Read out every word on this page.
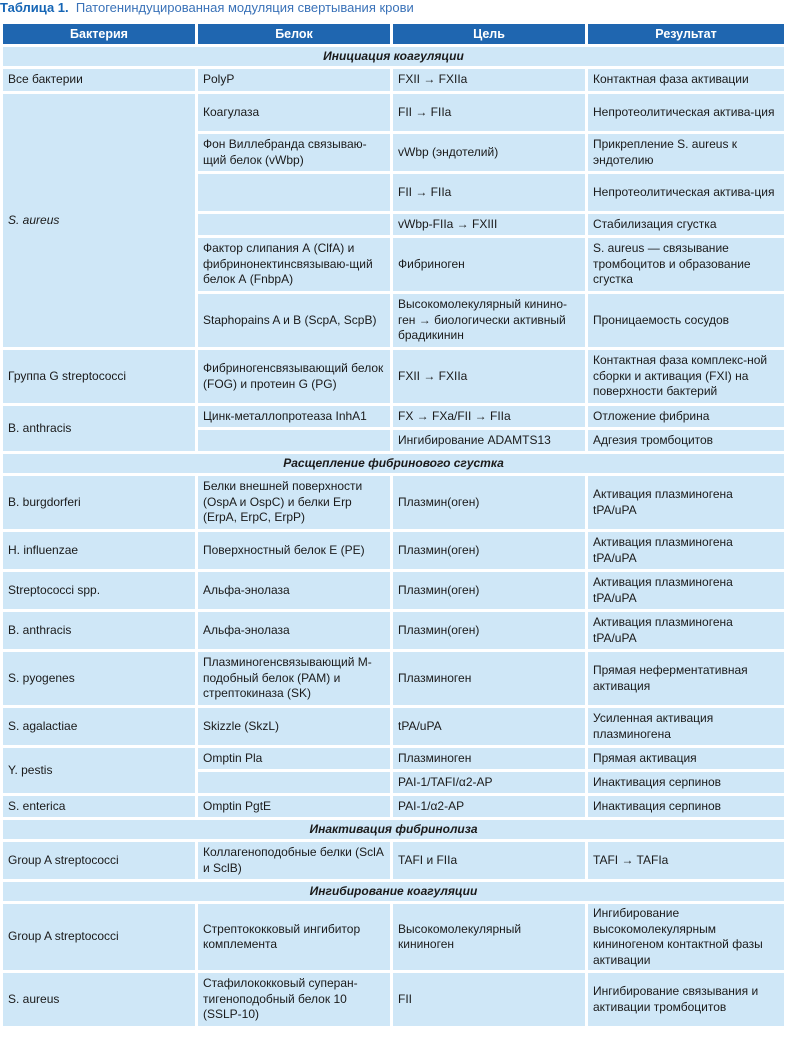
Таблица 1. Патогениндуцированная модуляция свертывания крови
Бактерия	Белок	Цель	Результат
Инициация коагуляции			
Все бактерии	PolyP	FXII → FXIIa	Контактная фаза активации
S. aureus	Коагулаза	FII → FIIa	Непротеолитическая актива-ция
	Фон Виллебранда связываю-щий белок (vWbp)	vWbp (эндотелий)	Прикрепление S. aureus к эндотелию
		FII → FIIa	Непротеолитическая актива-ция
		vWbp-FIIa → FXIII	Стабилизация сгустка
	Фактор слипания А (ClfA) и фибринонектинсвязываю-щий белок А (FnbpA)	Фибриноген	S. aureus — связывание тромбоцитов и образование сгустка
	Staphopains A и B (ScpA, ScpB)	Высокомолекулярный кинино-ген → биологически активный брадикинин	Проницаемость сосудов
Группа G streptococci	Фибриногенсвязывающий белок (FOG) и протеин G (PG)	FXII → FXIIa	Контактная фаза комплекс-ной сборки и активация (FXI) на поверхности бактерий
B. anthracis	Цинк-металлопротеаза InhA1	FX → FXa/FII → FIIa	Отложение фибрина
		Ингибирование ADAMTS13	Адгезия тромбоцитов
Расщепление фибринового сгустка			
B. burgdorferi	Белки внешней поверхности (OspA и OspC) и белки Erp (ErpA, ErpC, ErpP)	Плазмин(оген)	Активация плазминогена tPA/uPA
H. influenzae	Поверхностный белок Е (PE)	Плазмин(оген)	Активация плазминогена tPA/uPA
Streptococci spp.	Альфа-энолаза	Плазмин(оген)	Активация плазминогена tPA/uPA
B. anthracis	Альфа-энолаза	Плазмин(оген)	Активация плазминогена tPA/uPA
S. pyogenes	Плазминогенсвязывающий М-подобный белок (PAM) и стрептокиназа (SK)	Плазминоген	Прямая неферментативная активация
S. agalactiae	Skizzle (SkzL)	tPA/uPA	Усиленная активация плазминогена
Y. pestis	Omptin Pla	Плазминоген	Прямая активация
		PAI-1/TAFI/α2-AP	Инактивация серпинов
S. enterica	Omptin PgtE	PAI-1/α2-AP	Инактивация серпинов
Инактивация фибринолиза			
Group A streptococci	Коллагеноподобные белки (SclA и SclB)	TAFI и FIIa	TAFI → TAFIa
Ингибирование коагуляции			
Group A streptococci	Стрептококковый ингибитор комплемента	Высокомолекулярный кининоген	Ингибирование высокомолекулярным кининогеном контактной фазы активации
S. aureus	Стафилококковый суперан-тигеноподобный белок 10 (SSLP-10)	FII	Ингибирование связывания и активации тромбоцитов
